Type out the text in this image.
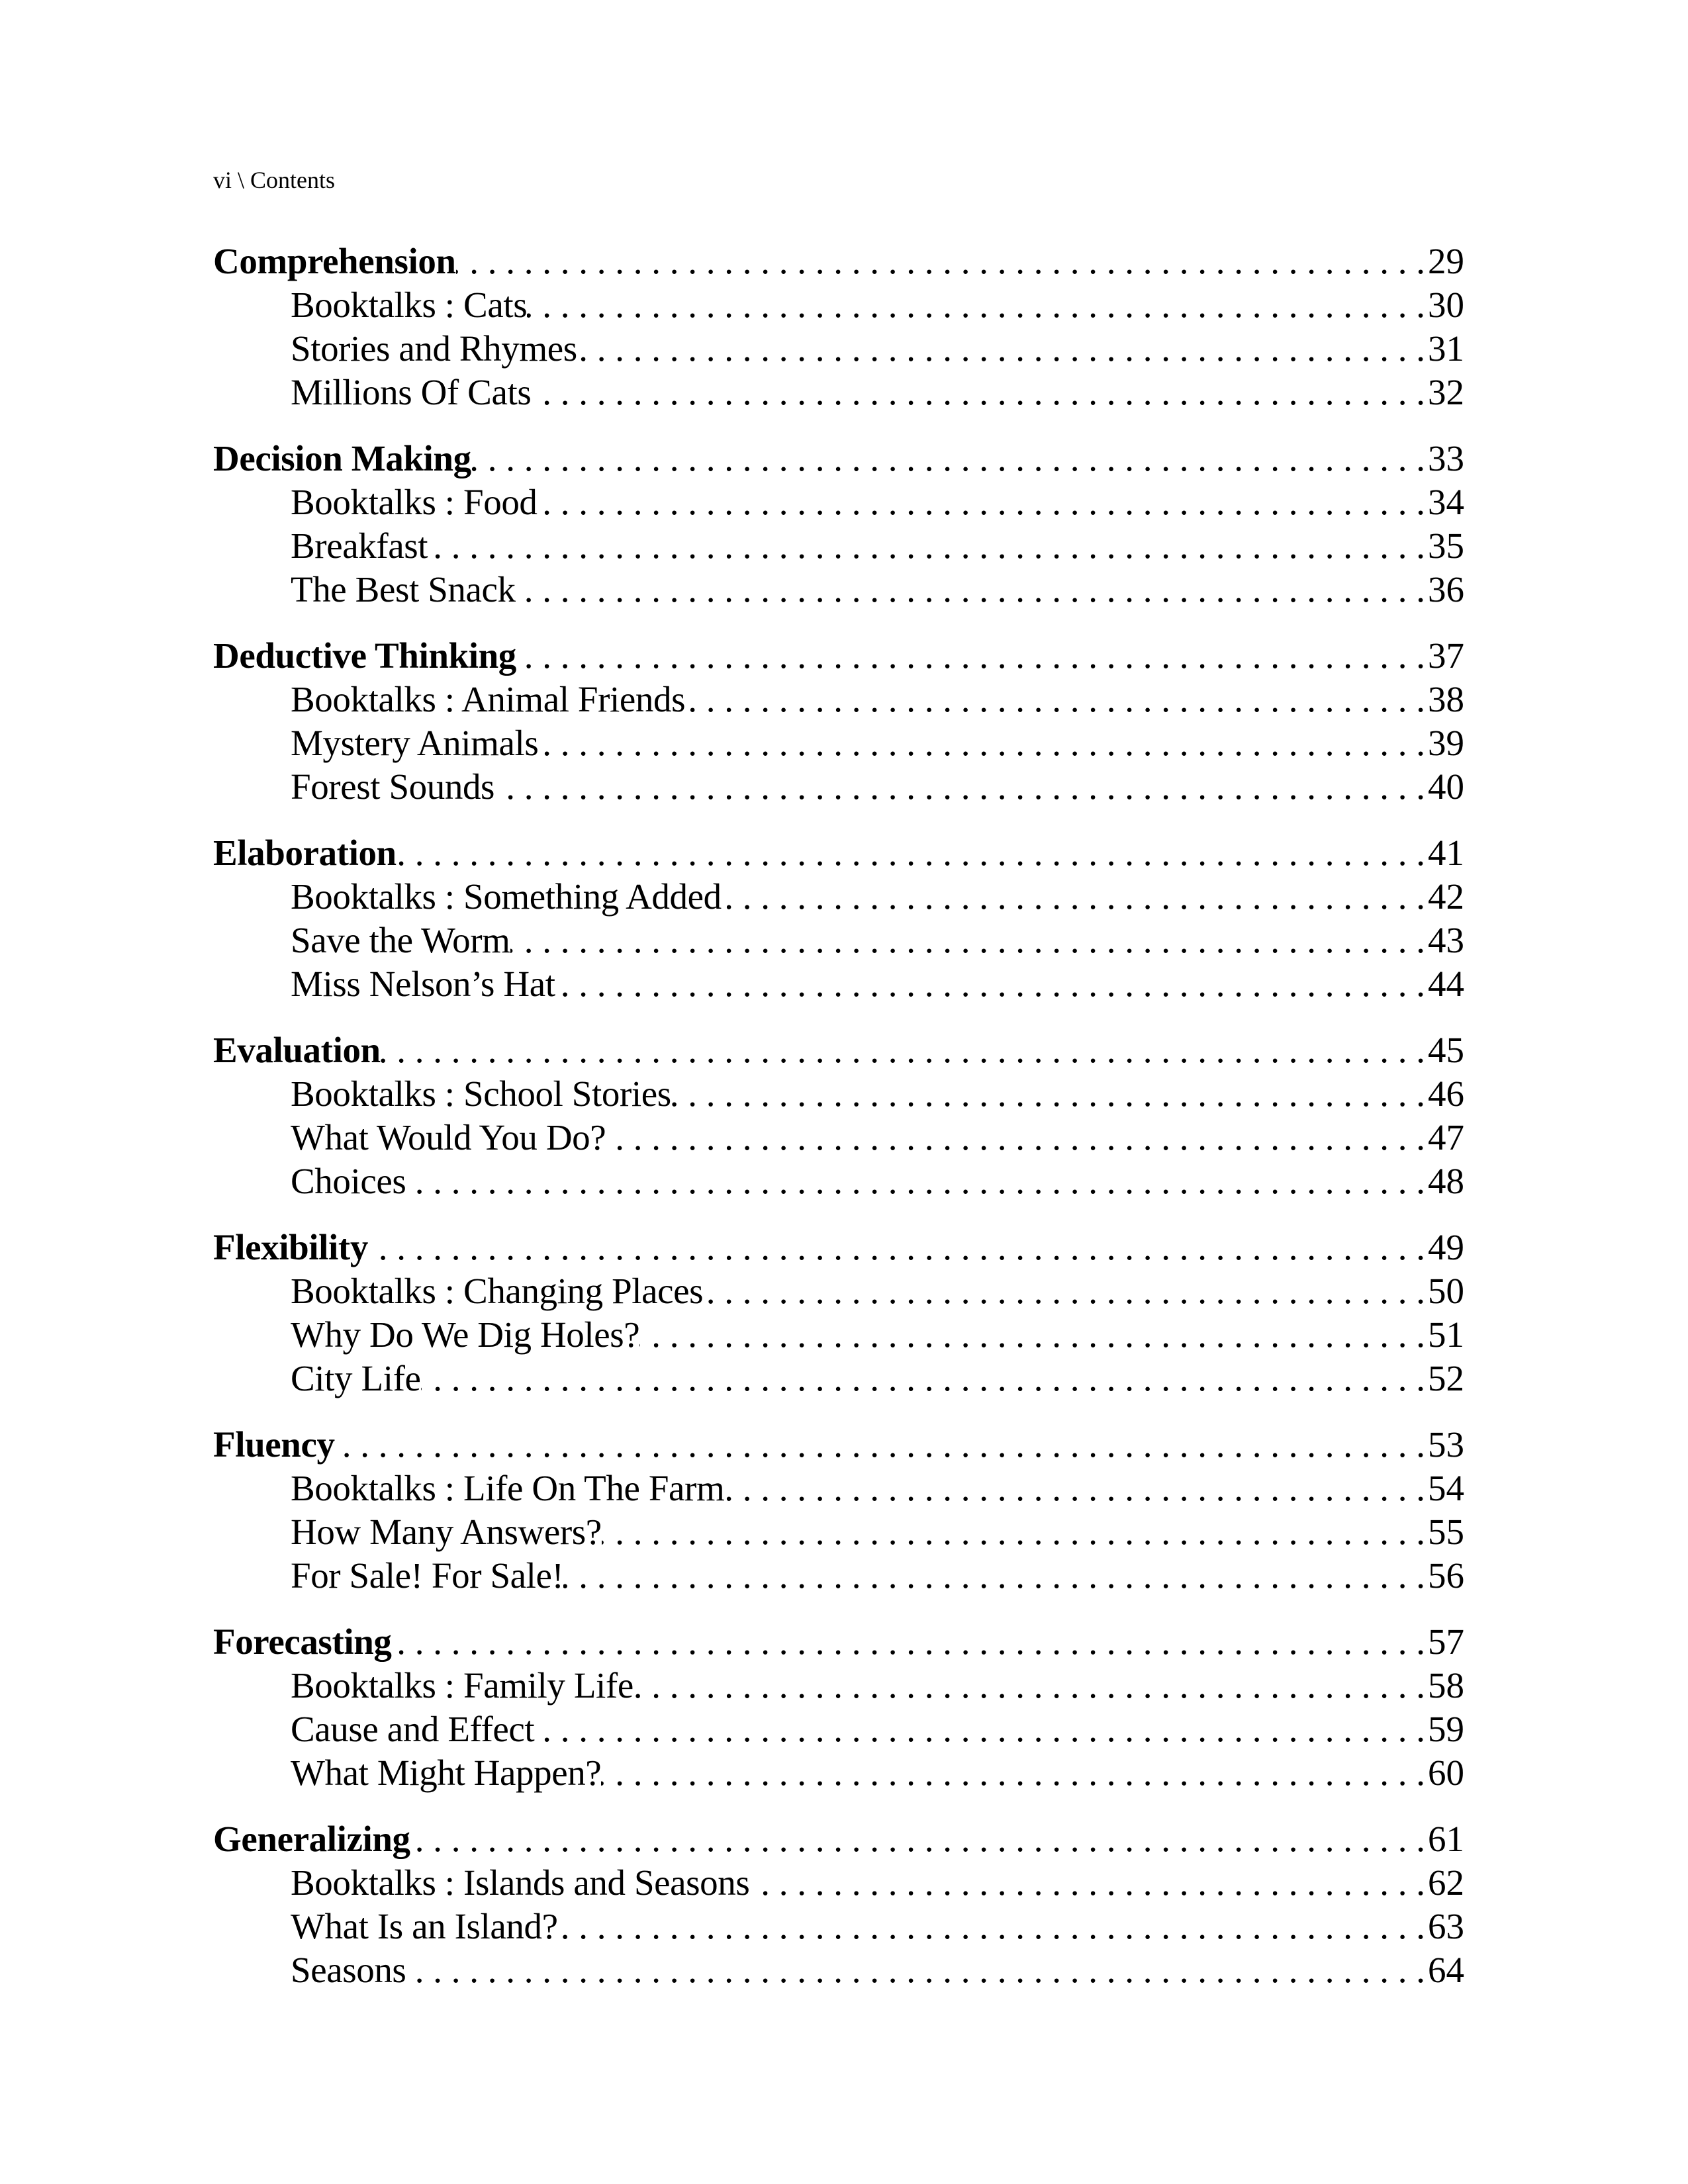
vi \ Contents
Comprehension . . .	29
Booktalks : Cats . . .	30
Stories and Rhymes . . .	31
Millions Of Cats . . .	32
Decision Making . . .	33
Booktalks : Food . . .	34
Breakfast . . .	35
The Best Snack . . .	36
Deductive Thinking . . .	37
Booktalks : Animal Friends . . .	38
Mystery Animals . . .	39
Forest Sounds . . .	40
Elaboration . . .	41
Booktalks : Something Added . . .	42
Save the Worm . . .	43
Miss Nelson’s Hat . . .	44
Evaluation . . .	45
Booktalks : School Stories . . .	46
What Would You Do? . . .	47
Choices . . .	48
Flexibility . . .	49
Booktalks : Changing Places . . .	50
Why Do We Dig Holes? . . .	51
City Life . . .	52
Fluency . . .	53
Booktalks : Life On The Farm . . .	54
How Many Answers? . . .	55
For Sale! For Sale! . . .	56
Forecasting . . .	57
Booktalks : Family Life . . .	58
Cause and Effect . . .	59
What Might Happen? . . .	60
Generalizing . . .	61
Booktalks : Islands and Seasons . . .	62
What Is an Island? . . .	63
Seasons . . .	64
